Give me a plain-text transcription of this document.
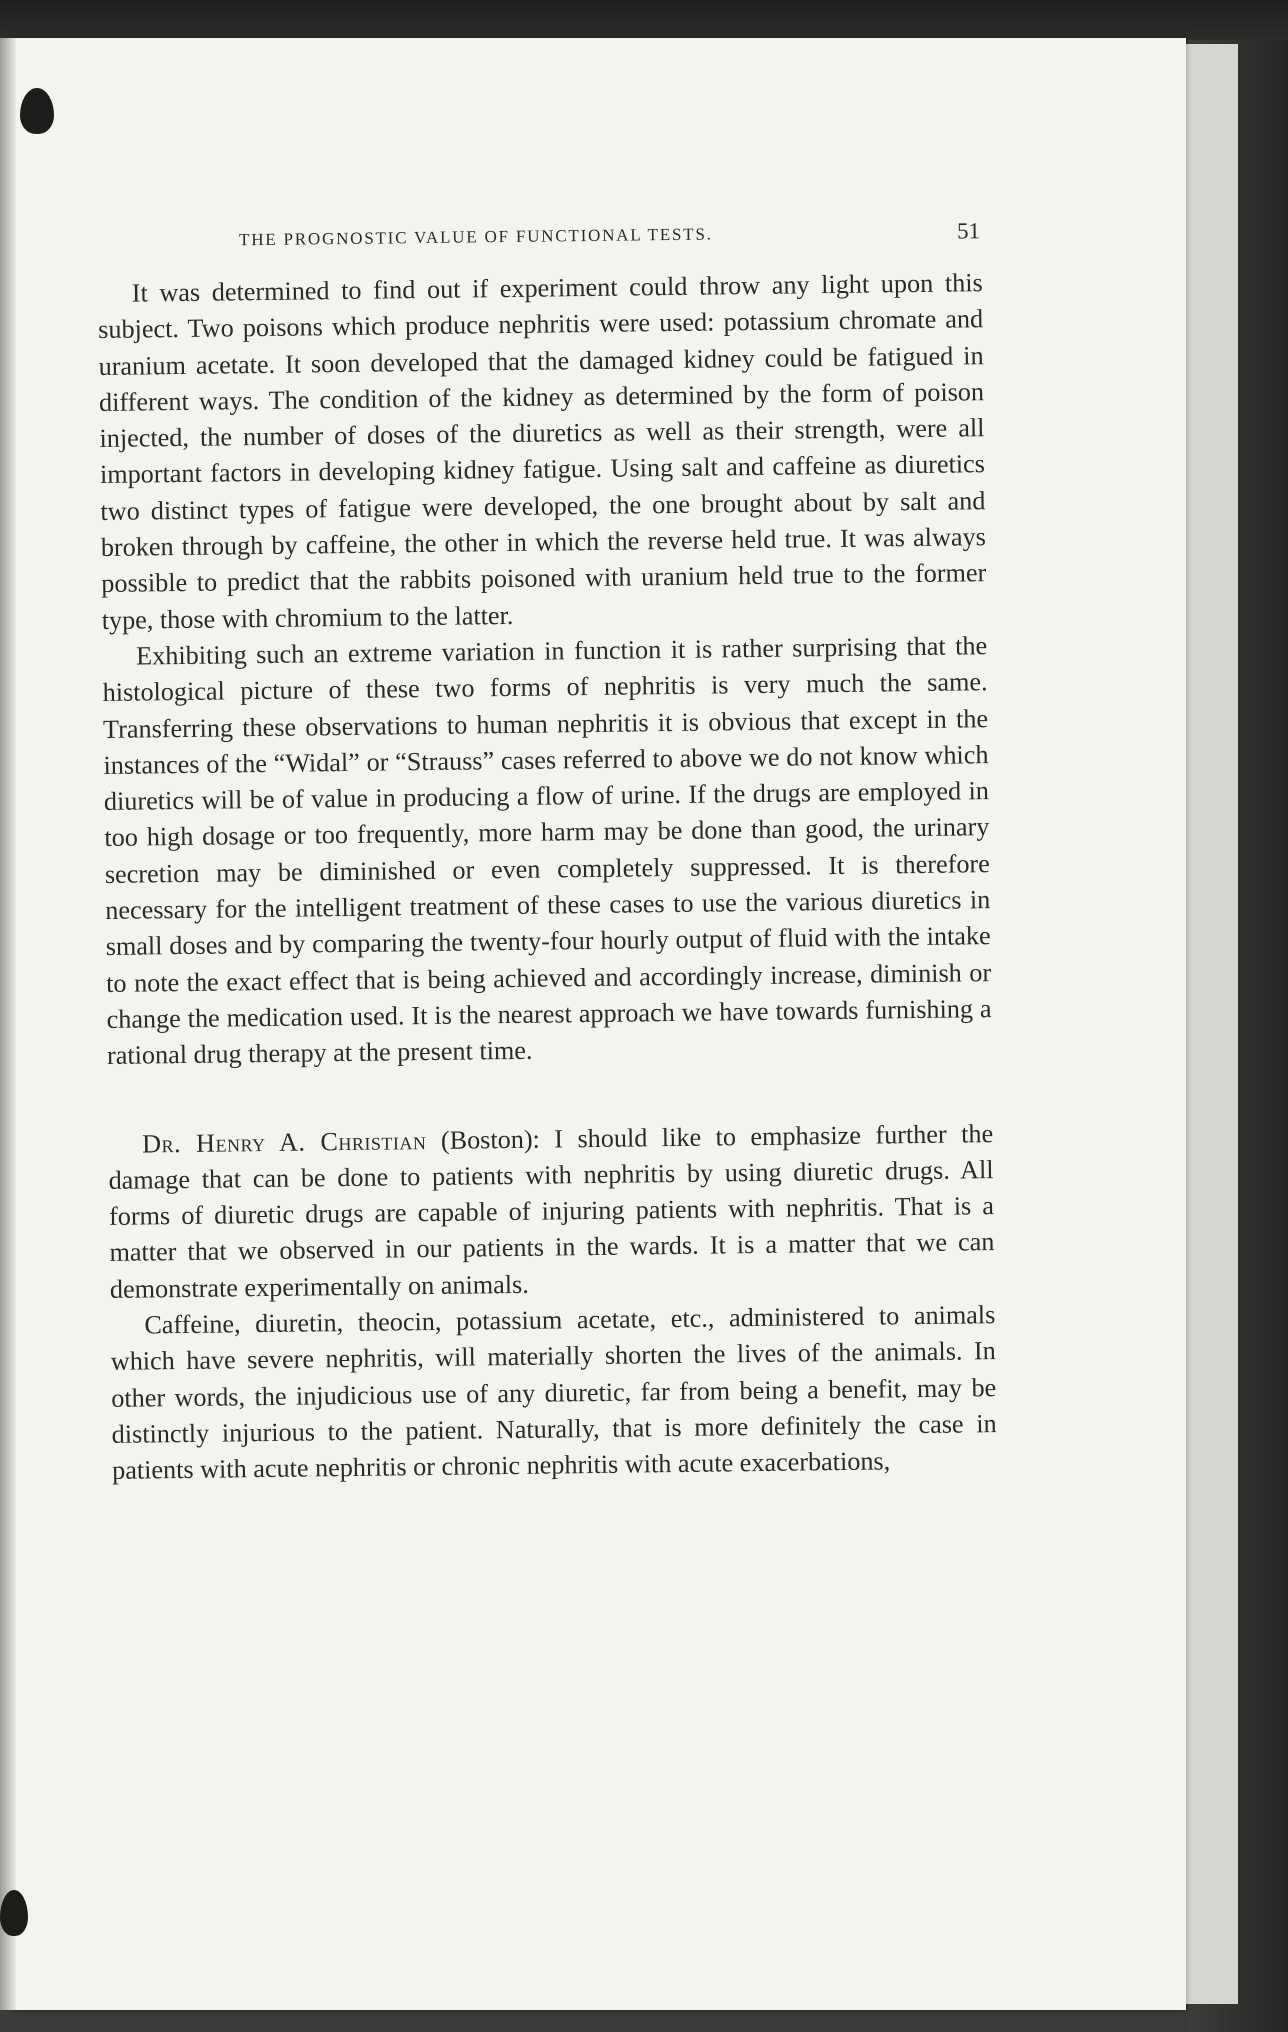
THE PROGNOSTIC VALUE OF FUNCTIONAL TESTS.	51

It was determined to find out if experiment could throw any light upon this subject. Two poisons which produce nephritis were used: potassium chromate and uranium acetate. It soon developed that the damaged kidney could be fatigued in different ways. The condition of the kidney as determined by the form of poison injected, the number of doses of the diuretics as well as their strength, were all important factors in developing kidney fatigue. Using salt and caffeine as diuretics two distinct types of fatigue were developed, the one brought about by salt and broken through by caffeine, the other in which the reverse held true. It was always possible to predict that the rabbits poisoned with uranium held true to the former type, those with chromium to the latter.

Exhibiting such an extreme variation in function it is rather surprising that the histological picture of these two forms of nephritis is very much the same. Transferring these observations to human nephritis it is obvious that except in the instances of the “Widal” or “Strauss” cases referred to above we do not know which diuretics will be of value in producing a flow of urine. If the drugs are employed in too high dosage or too frequently, more harm may be done than good, the urinary secretion may be diminished or even completely suppressed. It is therefore necessary for the intelligent treatment of these cases to use the various diuretics in small doses and by comparing the twenty-four hourly output of fluid with the intake to note the exact effect that is being achieved and accordingly increase, diminish or change the medication used. It is the nearest approach we have towards furnishing a rational drug therapy at the present time.

Dr. Henry A. Christian (Boston): I should like to emphasize further the damage that can be done to patients with nephritis by using diuretic drugs. All forms of diuretic drugs are capable of injuring patients with nephritis. That is a matter that we observed in our patients in the wards. It is a matter that we can demonstrate experimentally on animals.

Caffeine, diuretin, theocin, potassium acetate, etc., administered to animals which have severe nephritis, will materially shorten the lives of the animals. In other words, the injudicious use of any diuretic, far from being a benefit, may be distinctly injurious to the patient. Naturally, that is more definitely the case in patients with acute nephritis or chronic nephritis with acute exacerbations,
